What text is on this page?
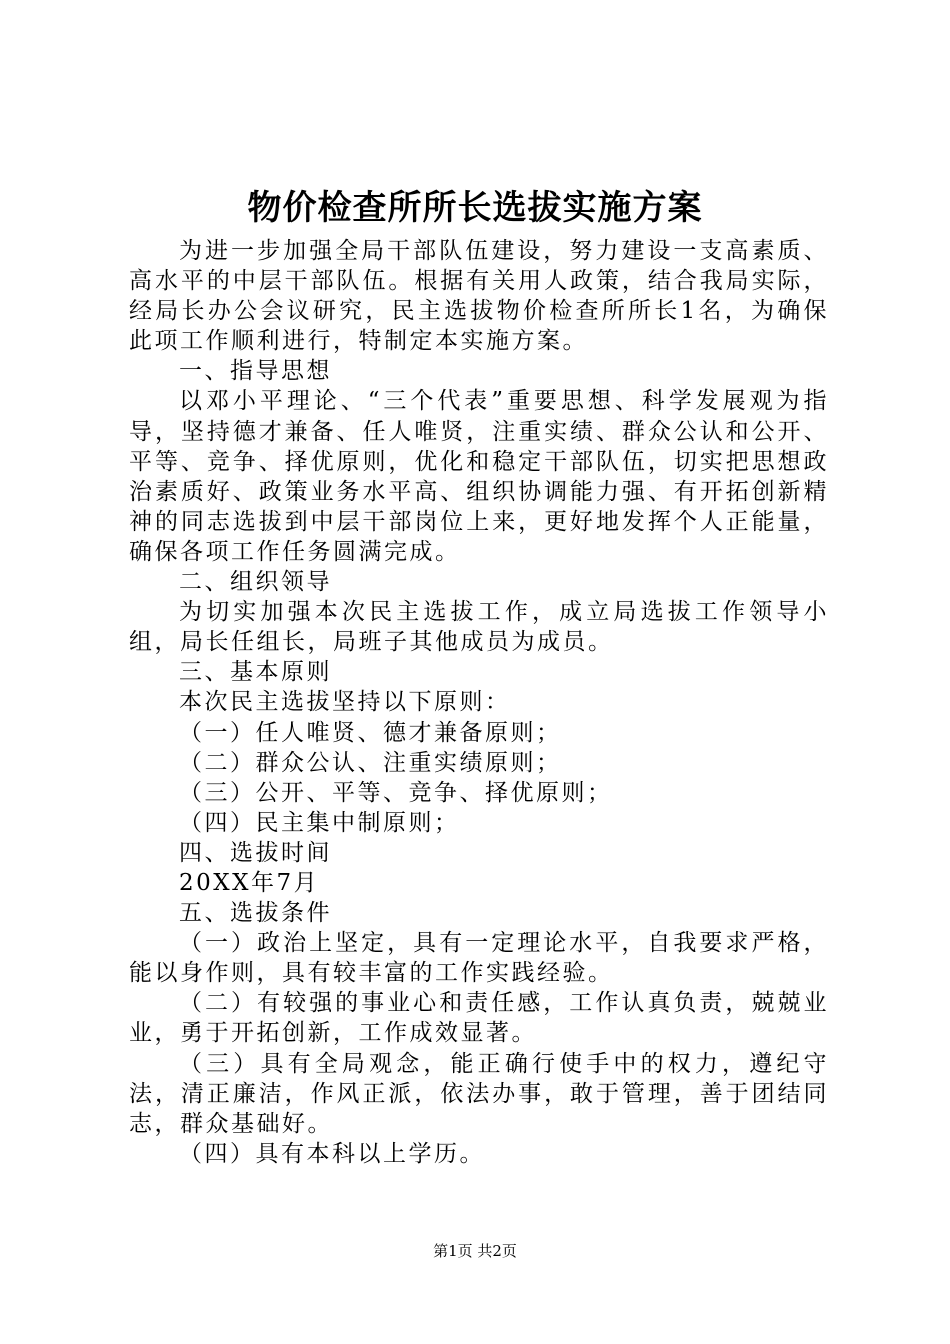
物价检查所所长选拔实施方案

为进一步加强全局干部队伍建设，努力建设一支高素质、高水平的中层干部队伍。根据有关用人政策，结合我局实际，经局长办公会议研究，民主选拔物价检查所所长1名，为确保此项工作顺利进行，特制定本实施方案。

一、指导思想

以邓小平理论、“三个代表”重要思想、科学发展观为指导，坚持德才兼备、任人唯贤，注重实绩、群众公认和公开、平等、竞争、择优原则，优化和稳定干部队伍，切实把思想政治素质好、政策业务水平高、组织协调能力强、有开拓创新精神的同志选拔到中层干部岗位上来，更好地发挥个人正能量，确保各项工作任务圆满完成。

二、组织领导

为切实加强本次民主选拔工作，成立局选拔工作领导小组，局长任组长，局班子其他成员为成员。

三、基本原则

本次民主选拔坚持以下原则：

（一）任人唯贤、德才兼备原则；

（二）群众公认、注重实绩原则；

（三）公开、平等、竞争、择优原则；

（四）民主集中制原则；

四、选拔时间

20XX年7月

五、选拔条件

（一）政治上坚定，具有一定理论水平，自我要求严格，能以身作则，具有较丰富的工作实践经验。

（二）有较强的事业心和责任感，工作认真负责，兢兢业业，勇于开拓创新，工作成效显著。

（三）具有全局观念，能正确行使手中的权力，遵纪守法，清正廉洁，作风正派，依法办事，敢于管理，善于团结同志，群众基础好。

（四）具有本科以上学历。

第1页 共2页
